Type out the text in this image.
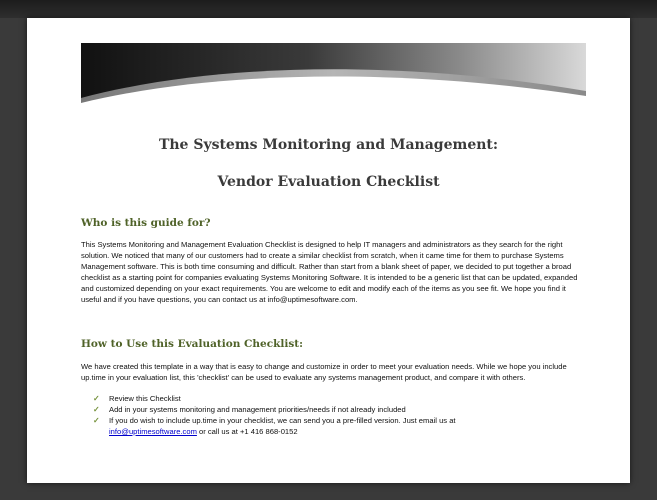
The Systems Monitoring and Management:
Vendor Evaluation Checklist
Who is this guide for?

This Systems Monitoring and Management Evaluation Checklist is designed to help IT managers and administrators as they search for the right solution. We noticed that many of our customers had to create a similar checklist from scratch, when it came time for them to purchase Systems Management software. This is both time consuming and difficult. Rather than start from a blank sheet of paper, we decided to put together a broad checklist as a starting point for companies evaluating Systems Monitoring Software. It is intended to be a generic list that can be updated, expanded and customized depending on your exact requirements. You are welcome to edit and modify each of the items as you see fit. We hope you find it useful and if you have questions, you can contact us at info@uptimesoftware.com.

How to Use this Evaluation Checklist:

We have created this template in a way that is easy to change and customize in order to meet your evaluation needs. While we hope you include up.time in your evaluation list, this 'checklist' can be used to evaluate any systems management product, and compare it with others.

✓ Review this Checklist
✓ Add in your systems monitoring and management priorities/needs if not already included
✓ If you do wish to include up.time in your checklist, we can send you a pre-filled version. Just email us at
info@uptimesoftware.com or call us at +1 416 868-0152
